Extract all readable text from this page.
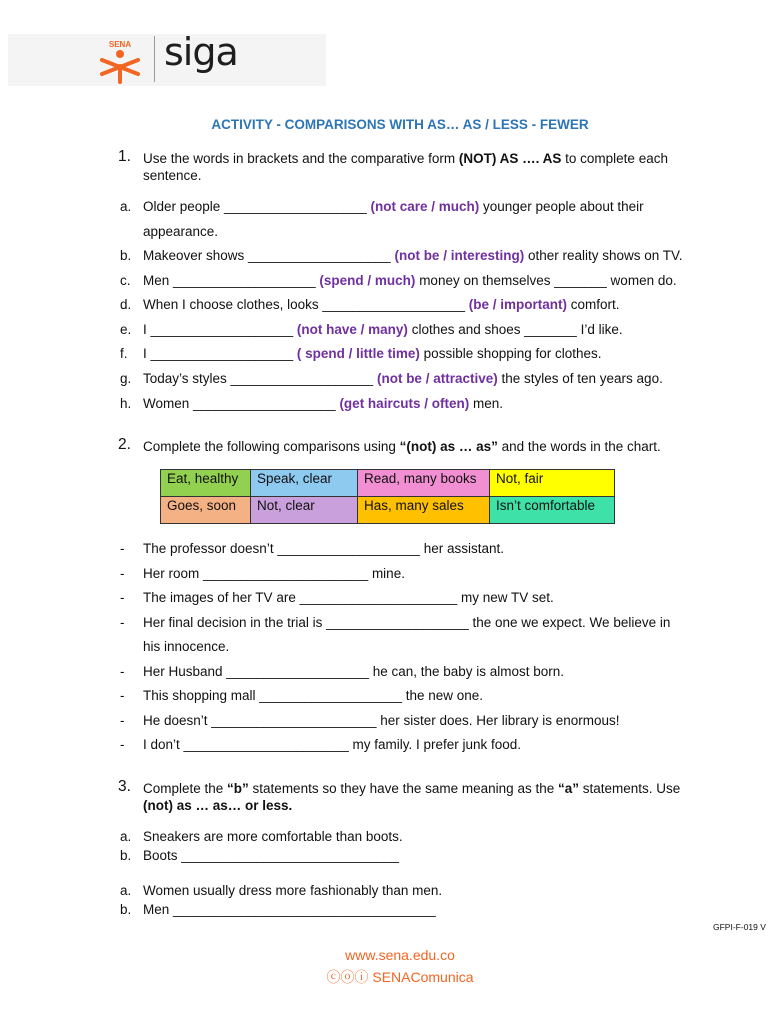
SENA siga
ACTIVITY - COMPARISONS WITH AS… AS / LESS - FEWER
1. Use the words in brackets and the comparative form (NOT) AS …. AS to complete each sentence.
a. Older people ___________________ (not care / much) younger people about their
appearance.
b. Makeover shows ___________________ (not be / interesting) other reality shows on TV.
c. Men ___________________ (spend / much) money on themselves _______ women do.
d. When I choose clothes, looks ___________________ (be / important) comfort.
e. I ___________________ (not have / many) clothes and shoes _______ I’d like.
f. I ___________________ ( spend / little time) possible shopping for clothes.
g. Today’s styles ___________________ (not be / attractive) the styles of ten years ago.
h. Women ___________________ (get haircuts / often) men.
2. Complete the following comparisons using “(not) as … as” and the words in the chart.
Eat, healthy	Speak, clear	Read, many books	Not, fair
Goes, soon	Not, clear	Has, many sales	Isn’t comfortable
- The professor doesn’t ___________________ her assistant.
- Her room ______________________ mine.
- The images of her TV are _____________________ my new TV set.
- Her final decision in the trial is ___________________ the one we expect. We believe in
his innocence.
- Her Husband ___________________ he can, the baby is almost born.
- This shopping mall ___________________ the new one.
- He doesn’t ______________________ her sister does. Her library is enormous!
- I don’t ______________________ my family. I prefer junk food.
3. Complete the “b” statements so they have the same meaning as the “a” statements. Use (not) as … as… or less.
a. Sneakers are more comfortable than boots.
b. Boots _____________________________
a. Women usually dress more fashionably than men.
b. Men ___________________________________
GFPI-F-019 V
www.sena.edu.co
ⓒⓞⓘ SENAComunica
